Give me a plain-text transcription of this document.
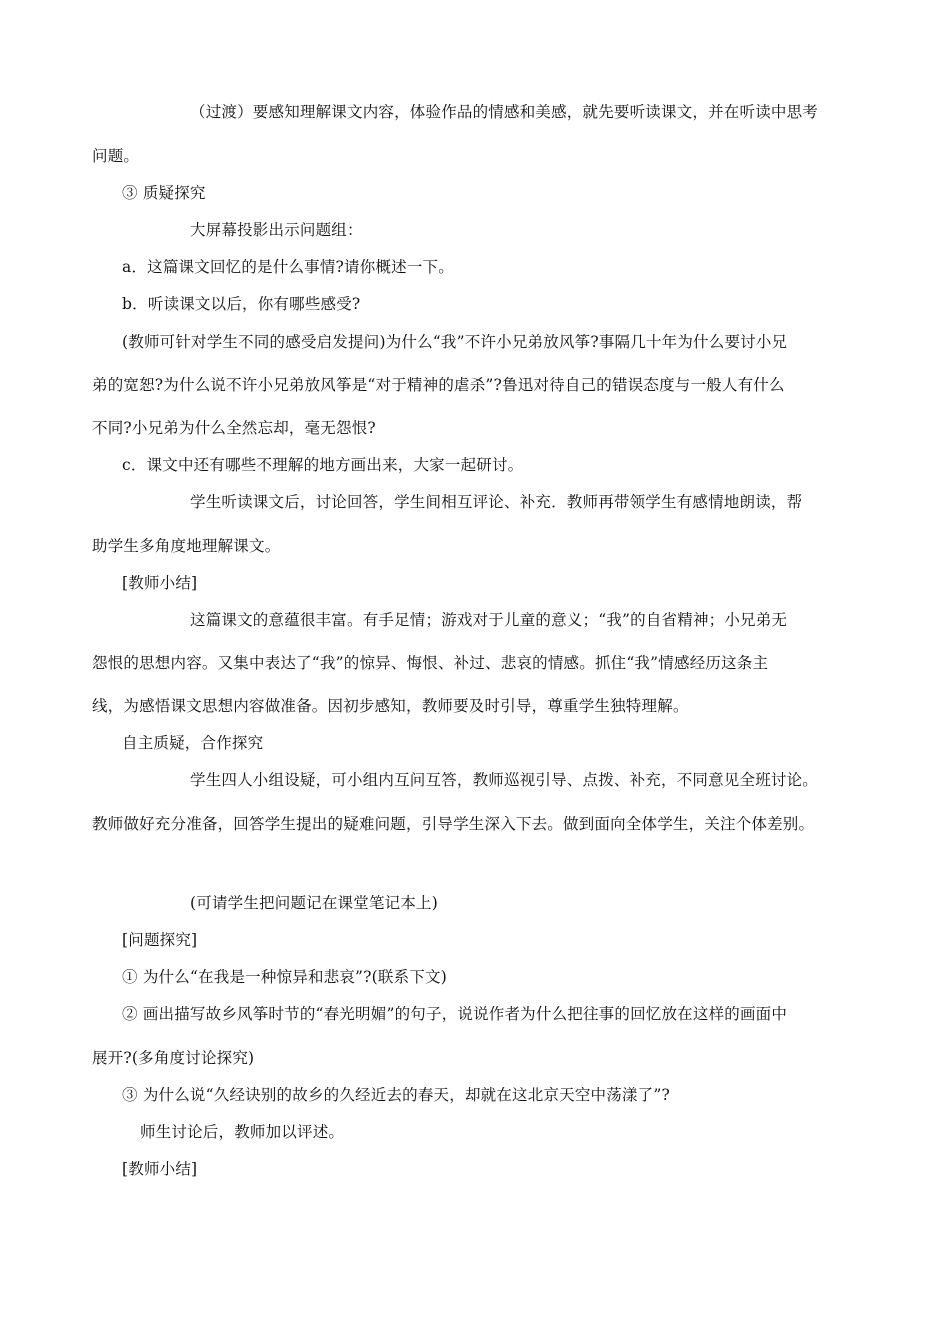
（过渡）要感知理解课文内容，体验作品的情感和美感，就先要听读课文，并在听读中思考
问题。
③ 质疑探究
大屏幕投影出示问题组：
a．这篇课文回忆的是什么事情?请你概述一下。
b．听读课文以后，你有哪些感受?
(教师可针对学生不同的感受启发提问)为什么“我”不许小兄弟放风筝?事隔几十年为什么要讨小兄
弟的宽恕?为什么说不许小兄弟放风筝是“对于精神的虐杀”?鲁迅对待自己的错误态度与一般人有什么
不同?小兄弟为什么全然忘却，毫无怨恨?
c．课文中还有哪些不理解的地方画出来，大家一起研讨。
学生听读课文后，讨论回答，学生间相互评论、补充．教师再带领学生有感情地朗读，帮
助学生多角度地理解课文。
[教师小结]
这篇课文的意蕴很丰富。有手足情；游戏对于儿童的意义；“我”的自省精神；小兄弟无
怨恨的思想内容。又集中表达了“我”的惊异、悔恨、补过、悲哀的情感。抓住“我”情感经历这条主
线，为感悟课文思想内容做准备。因初步感知，教师要及时引导，尊重学生独特理解。
自主质疑，合作探究
学生四人小组设疑，可小组内互问互答，教师巡视引导、点拨、补充，不同意见全班讨论。
教师做好充分准备，回答学生提出的疑难问题，引导学生深入下去。做到面向全体学生，关注个体差别。
(可请学生把问题记在课堂笔记本上)
[问题探究]
① 为什么“在我是一种惊异和悲哀”?(联系下文)
② 画出描写故乡风筝时节的“春光明媚”的句子，说说作者为什么把往事的回忆放在这样的画面中
展开?(多角度讨论探究)
③ 为什么说“久经诀别的故乡的久经近去的春天，却就在这北京天空中荡漾了”?
师生讨论后，教师加以评述。
[教师小结]
